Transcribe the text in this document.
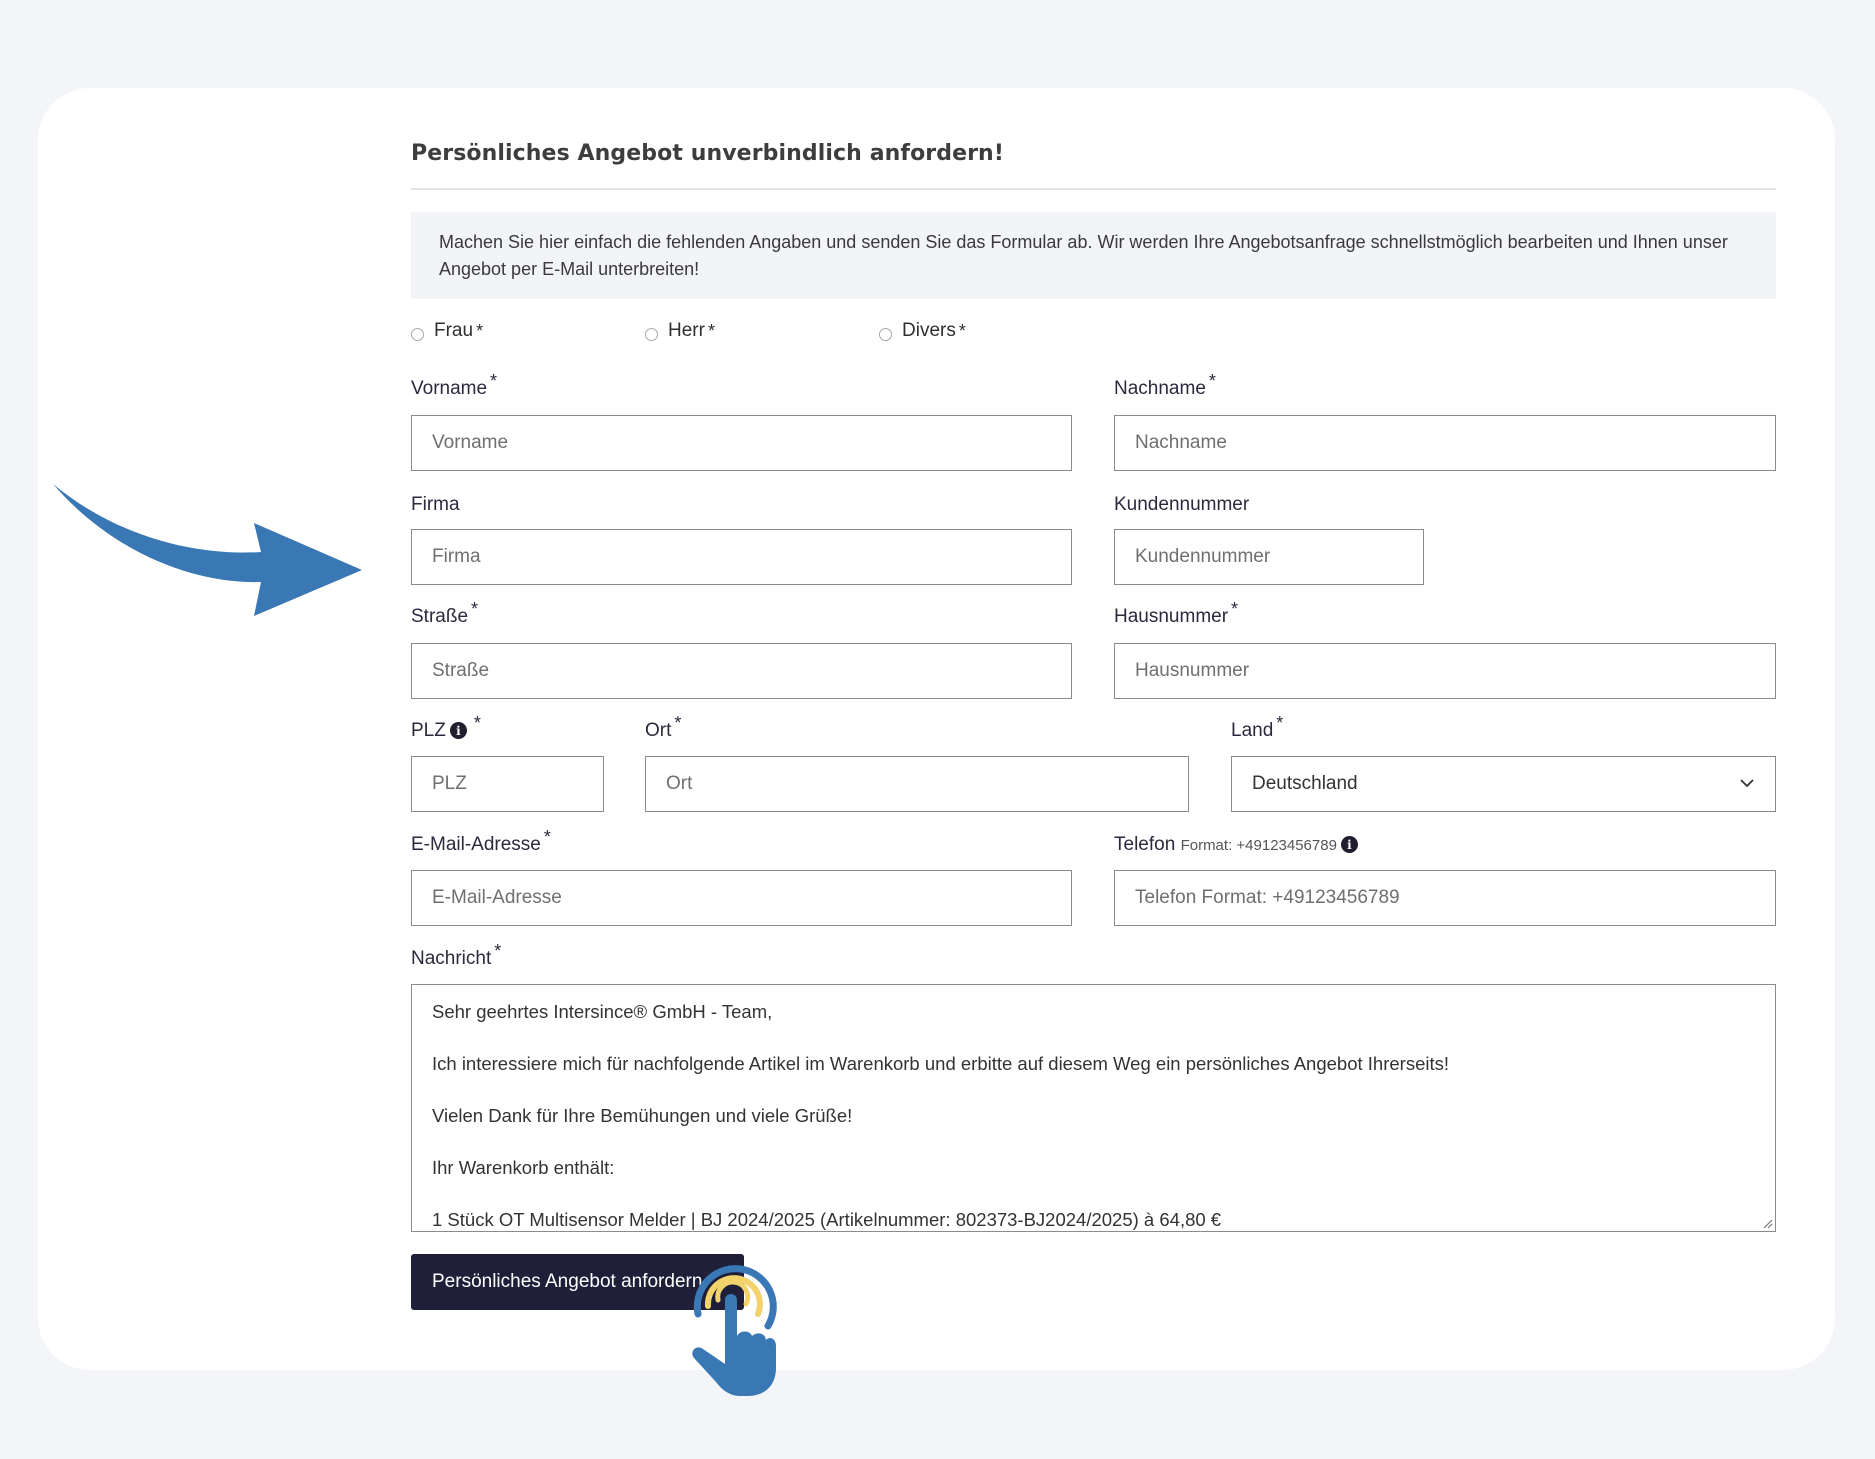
Persönliches Angebot unverbindlich anfordern!
Machen Sie hier einfach die fehlenden Angaben und senden Sie das Formular ab. Wir werden Ihre Angebotsanfrage schnellstmöglich bearbeiten und Ihnen unser Angebot per E-Mail unterbreiten!
Frau *	Herr *	Divers *
Vorname *
Vorname
Nachname *
Nachname
Firma
Firma
Kundennummer
Kundennummer
Straße *
Straße
Hausnummer *
Hausnummer
PLZ i *
PLZ
Ort *
Ort
Land *
Deutschland
E-Mail-Adresse *
E-Mail-Adresse
Telefon Format: +49123456789 i
Telefon Format: +49123456789
Nachricht *

Sehr geehrtes Intersince® GmbH - Team,

Ich interessiere mich für nachfolgende Artikel im Warenkorb und erbitte auf diesem Weg ein persönliches Angebot Ihrerseits!

Vielen Dank für Ihre Bemühungen und viele Grüße!

Ihr Warenkorb enthält:

1 Stück OT Multisensor Melder | BJ 2024/2025 (Artikelnummer: 802373-BJ2024/2025) à 64,80 €

Persönliches Angebot anfordern
